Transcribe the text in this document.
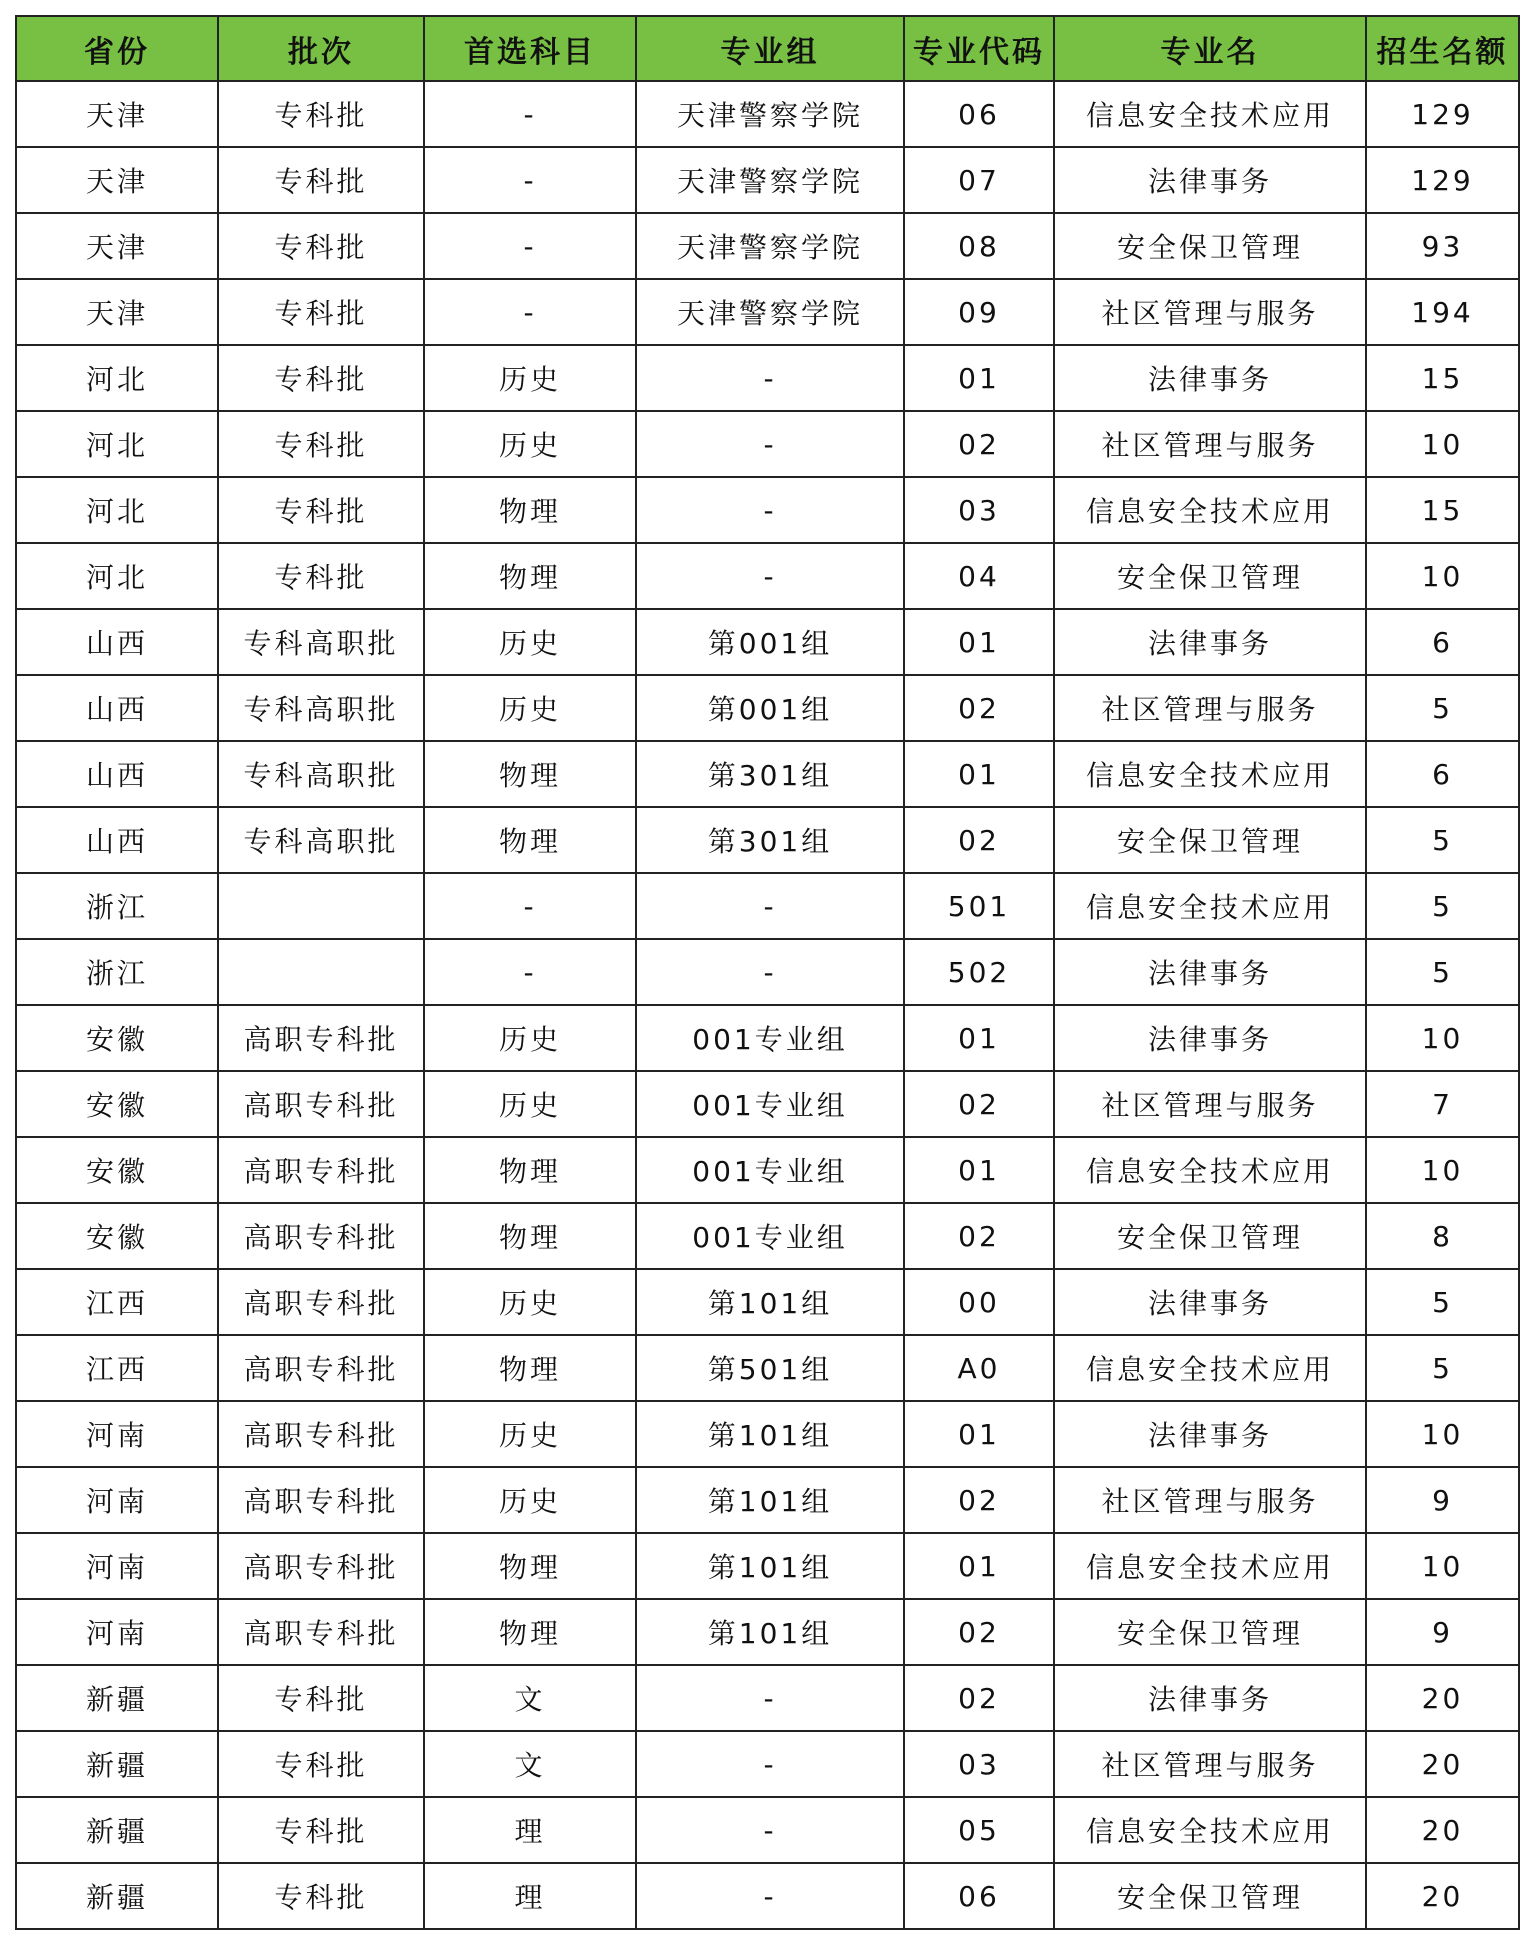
省份	批次	首选科目	专业组	专业代码	专业名	招生名额
天津	专科批	-	天津警察学院	06	信息安全技术应用	129
天津	专科批	-	天津警察学院	07	法律事务	129
天津	专科批	-	天津警察学院	08	安全保卫管理	93
天津	专科批	-	天津警察学院	09	社区管理与服务	194
河北	专科批	历史	-	01	法律事务	15
河北	专科批	历史	-	02	社区管理与服务	10
河北	专科批	物理	-	03	信息安全技术应用	15
河北	专科批	物理	-	04	安全保卫管理	10
山西	专科高职批	历史	第001组	01	法律事务	6
山西	专科高职批	历史	第001组	02	社区管理与服务	5
山西	专科高职批	物理	第301组	01	信息安全技术应用	6
山西	专科高职批	物理	第301组	02	安全保卫管理	5
浙江		-	-	501	信息安全技术应用	5
浙江		-	-	502	法律事务	5
安徽	高职专科批	历史	001专业组	01	法律事务	10
安徽	高职专科批	历史	001专业组	02	社区管理与服务	7
安徽	高职专科批	物理	001专业组	01	信息安全技术应用	10
安徽	高职专科批	物理	001专业组	02	安全保卫管理	8
江西	高职专科批	历史	第101组	00	法律事务	5
江西	高职专科批	物理	第501组	A0	信息安全技术应用	5
河南	高职专科批	历史	第101组	01	法律事务	10
河南	高职专科批	历史	第101组	02	社区管理与服务	9
河南	高职专科批	物理	第101组	01	信息安全技术应用	10
河南	高职专科批	物理	第101组	02	安全保卫管理	9
新疆	专科批	文	-	02	法律事务	20
新疆	专科批	文	-	03	社区管理与服务	20
新疆	专科批	理	-	05	信息安全技术应用	20
新疆	专科批	理	-	06	安全保卫管理	20
